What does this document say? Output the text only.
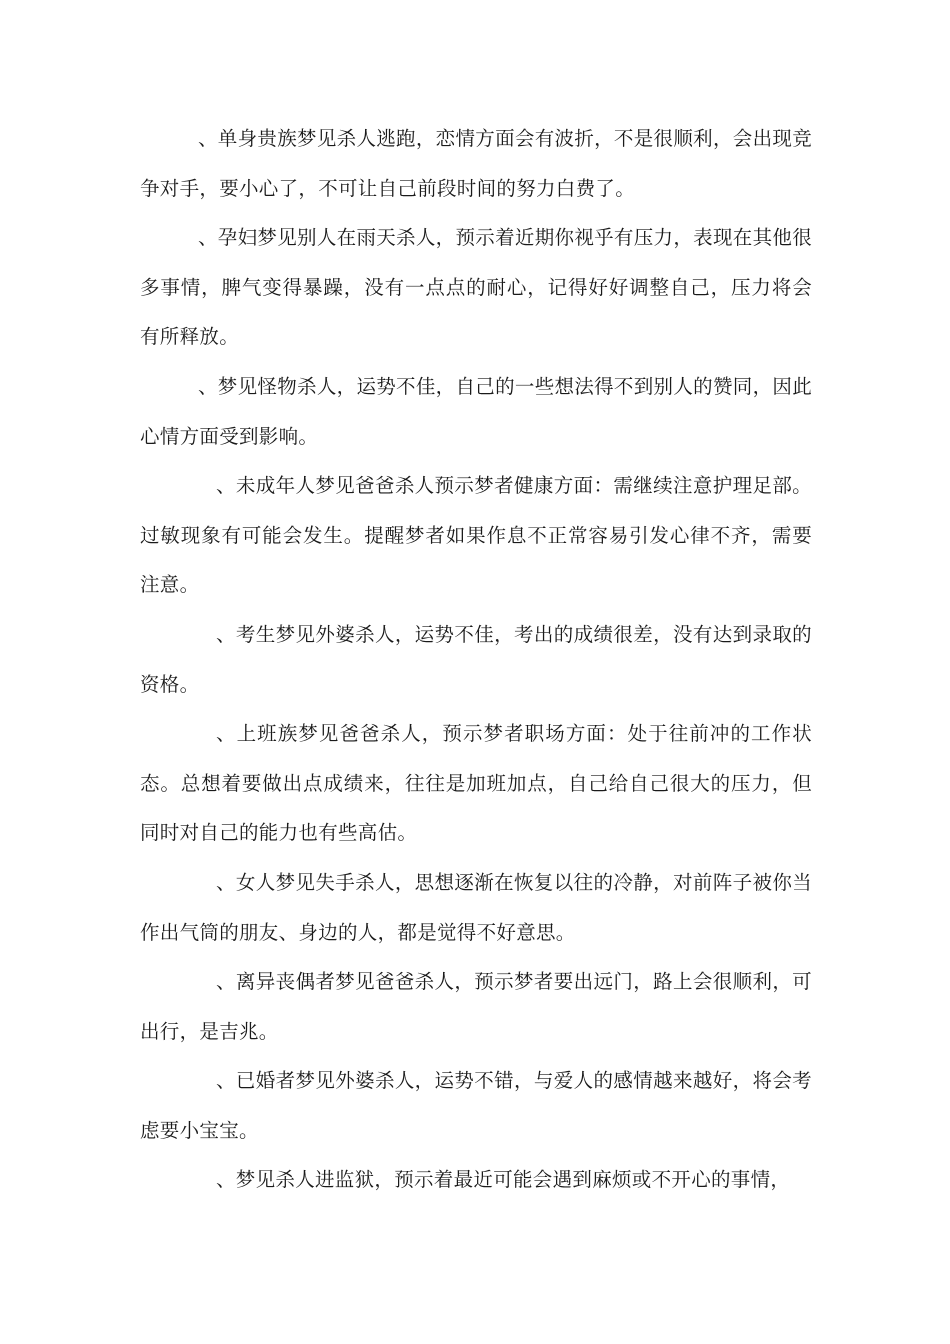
、单身贵族梦见杀人逃跑，恋情方面会有波折，不是很顺利，会出现竞争对手，要小心了，不可让自己前段时间的努力白费了。

、孕妇梦见别人在雨天杀人，预示着近期你视乎有压力，表现在其他很多事情，脾气变得暴躁，没有一点点的耐心，记得好好调整自己，压力将会有所释放。

、梦见怪物杀人，运势不佳，自己的一些想法得不到别人的赞同，因此心情方面受到影响。

、未成年人梦见爸爸杀人预示梦者健康方面：需继续注意护理足部。过敏现象有可能会发生。提醒梦者如果作息不正常容易引发心律不齐，需要注意。

、考生梦见外婆杀人，运势不佳，考出的成绩很差，没有达到录取的资格。

、上班族梦见爸爸杀人，预示梦者职场方面：处于往前冲的工作状态。总想着要做出点成绩来，往往是加班加点，自己给自己很大的压力，但同时对自己的能力也有些高估。

、女人梦见失手杀人，思想逐渐在恢复以往的冷静，对前阵子被你当作出气筒的朋友、身边的人，都是觉得不好意思。

、离异丧偶者梦见爸爸杀人，预示梦者要出远门，路上会很顺利，可出行，是吉兆。

、已婚者梦见外婆杀人，运势不错，与爱人的感情越来越好，将会考虑要小宝宝。

、梦见杀人进监狱，预示着最近可能会遇到麻烦或不开心的事情，
